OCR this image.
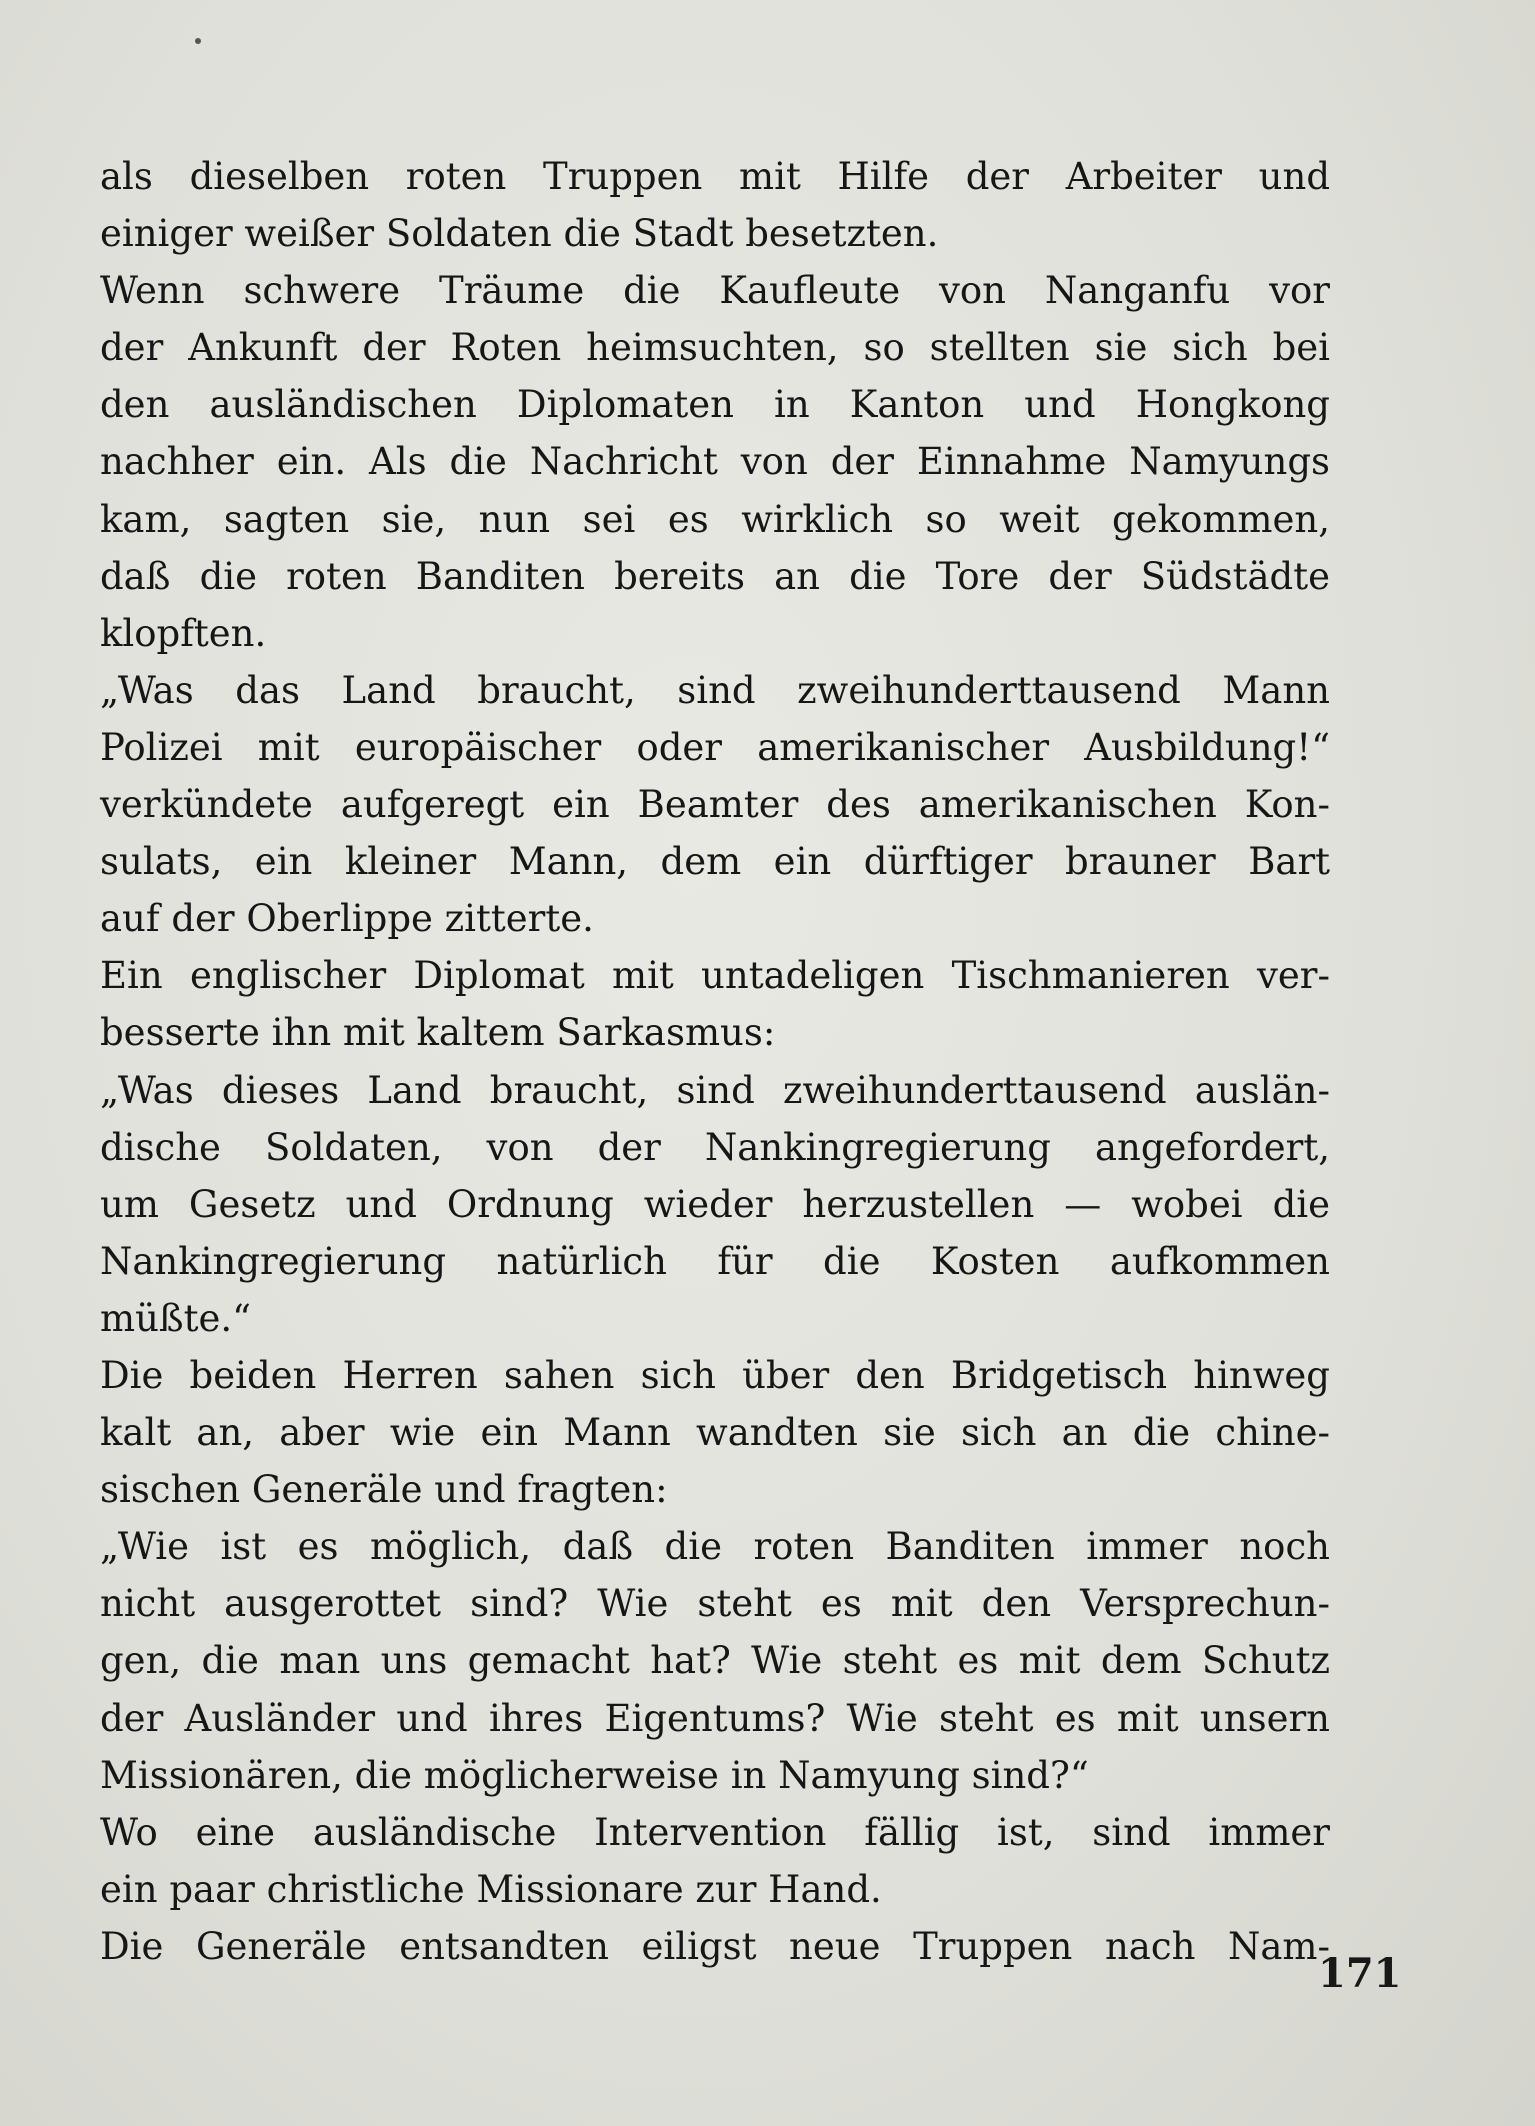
als dieselben roten Truppen mit Hilfe der Arbeiter und
einiger weißer Soldaten die Stadt besetzten.
Wenn schwere Träume die Kaufleute von Nanganfu vor
der Ankunft der Roten heimsuchten, so stellten sie sich bei
den ausländischen Diplomaten in Kanton und Hongkong
nachher ein. Als die Nachricht von der Einnahme Namyungs
kam, sagten sie, nun sei es wirklich so weit gekommen,
daß die roten Banditen bereits an die Tore der Südstädte
klopften.
„Was das Land braucht, sind zweihunderttausend Mann
Polizei mit europäischer oder amerikanischer Ausbildung!“
verkündete aufgeregt ein Beamter des amerikanischen Kon-
sulats, ein kleiner Mann, dem ein dürftiger brauner Bart
auf der Oberlippe zitterte.
Ein englischer Diplomat mit untadeligen Tischmanieren ver-
besserte ihn mit kaltem Sarkasmus:
„Was dieses Land braucht, sind zweihunderttausend auslän-
dische Soldaten, von der Nankingregierung angefordert,
um Gesetz und Ordnung wieder herzustellen — wobei die
Nankingregierung natürlich für die Kosten aufkommen
müßte.“
Die beiden Herren sahen sich über den Bridgetisch hinweg
kalt an, aber wie ein Mann wandten sie sich an die chine-
sischen Generäle und fragten:
„Wie ist es möglich, daß die roten Banditen immer noch
nicht ausgerottet sind? Wie steht es mit den Versprechun-
gen, die man uns gemacht hat? Wie steht es mit dem Schutz
der Ausländer und ihres Eigentums? Wie steht es mit unsern
Missionären, die möglicherweise in Namyung sind?“
Wo eine ausländische Intervention fällig ist, sind immer
ein paar christliche Missionare zur Hand.
Die Generäle entsandten eiligst neue Truppen nach Nam-
171
